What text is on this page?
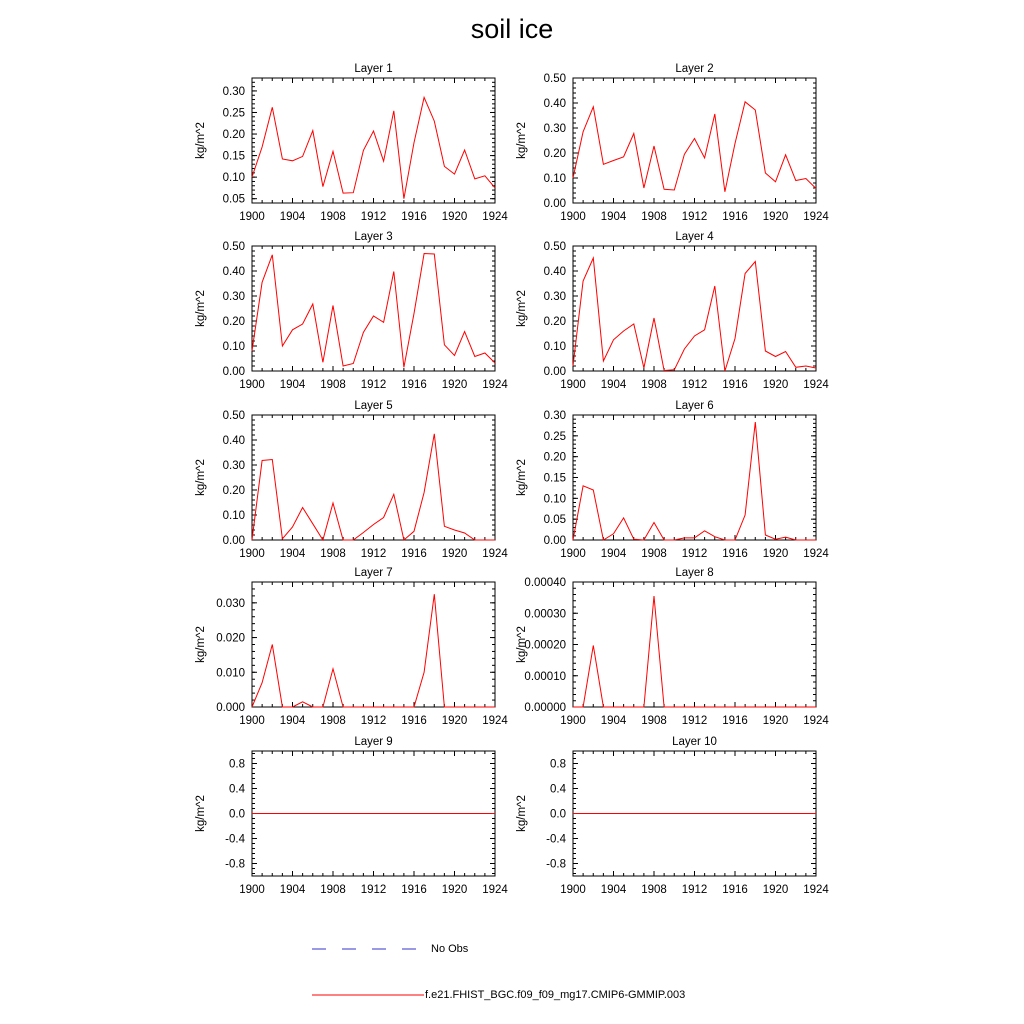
soil ice
Layer 1
1900 1904 1908 1912 1916 1920 1924
0.05
0.10
0.15
0.20
0.25
0.30
kg/m^2
Layer 2
1900 1904 1908 1912 1916 1920 1924
0.00
0.10
0.20
0.30
0.40
0.50
kg/m^2
Layer 3
1900 1904 1908 1912 1916 1920 1924
0.00
0.10
0.20
0.30
0.40
0.50
kg/m^2
Layer 4
1900 1904 1908 1912 1916 1920 1924
0.00
0.10
0.20
0.30
0.40
0.50
kg/m^2
Layer 5
1900 1904 1908 1912 1916 1920 1924
0.00
0.10
0.20
0.30
0.40
0.50
kg/m^2
Layer 6
1900 1904 1908 1912 1916 1920 1924
0.00
0.05
0.10
0.15
0.20
0.25
0.30
kg/m^2
Layer 7
1900 1904 1908 1912 1916 1920 1924
0.000
0.010
0.020
0.030
kg/m^2
Layer 8
1900 1904 1908 1912 1916 1920 1924
0.00000
0.00010
0.00020
0.00030
0.00040
kg/m^2
Layer 9
1900 1904 1908 1912 1916 1920 1924
-0.8
-0.4
0.0
0.4
0.8
kg/m^2
Layer 10
1900 1904 1908 1912 1916 1920 1924
-0.8
-0.4
0.0
0.4
0.8
kg/m^2
No Obs
f.e21.FHIST_BGC.f09_f09_mg17.CMIP6-GMMIP.003
